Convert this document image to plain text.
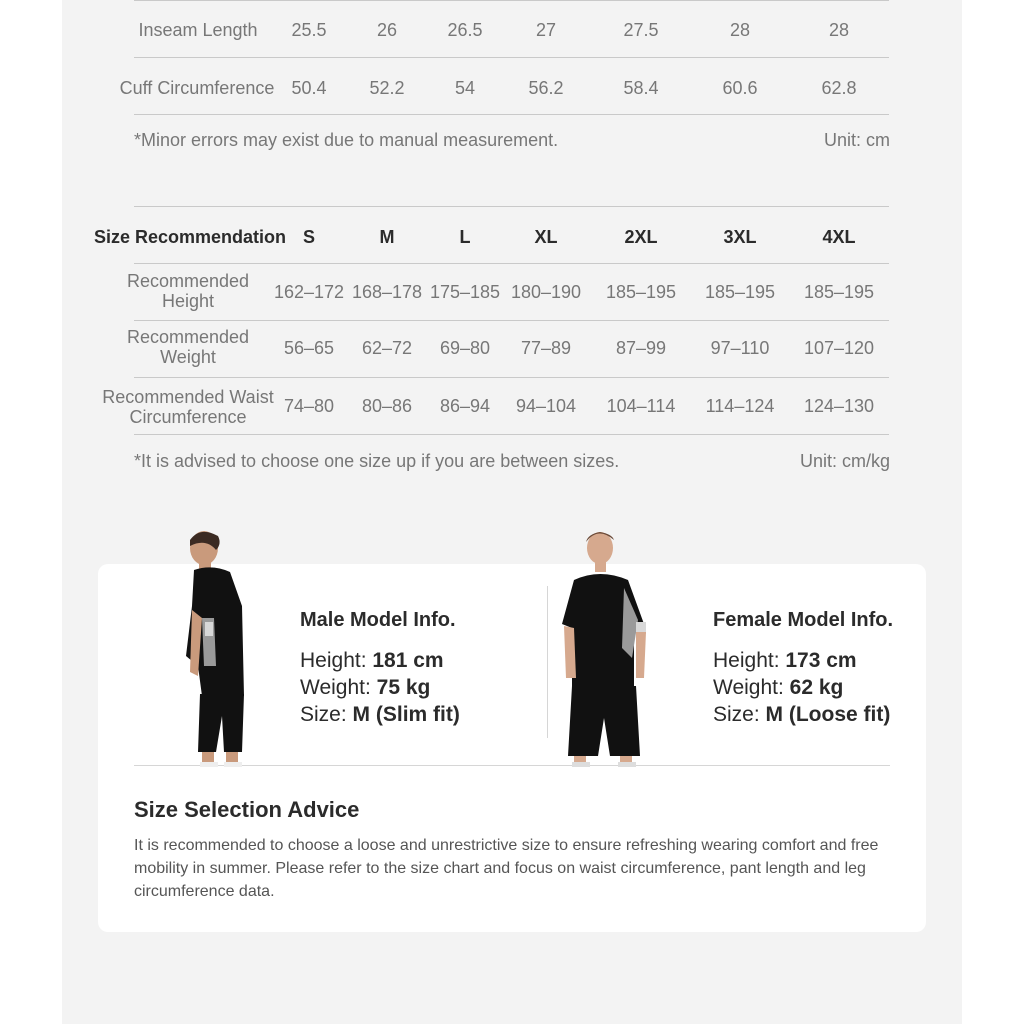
Inseam Length	25.5	26	26.5	27	27.5	28	28
Cuff Circumference 50.4 52.2	54	56.2	58.4	60.6	62.8
*Minor errors may exist due to manual measurement.	Unit: cm
Size Recommendation S	M	L	XL	2XL	3XL	4XL
Recommended
Height	162–172 168–178 175–185 180–190 185–195 185–195 185–195
Recommended
Weight	56–65	62–72	69–80	77–89	87–99	97–110	107–120
Recommended Waist
Circumference
74–80	80–86	86–94	94–104	104–114	114–124	124–130
*It is advised to choose one size up if you are between sizes.	Unit: cm/kg
Male Model Info.
Height: 181 cm
Weight: 75 kg
Size: M (Slim fit)
Female Model Info.
Height: 173 cm
Weight: 62 kg
Size: M (Loose fit)
Size Selection Advice
It is recommended to choose a loose and unrestrictive size to ensure refreshing wearing comfort and free mobility in summer. Please refer to the size chart and focus on waist circumference, pant length and leg circumference data.
